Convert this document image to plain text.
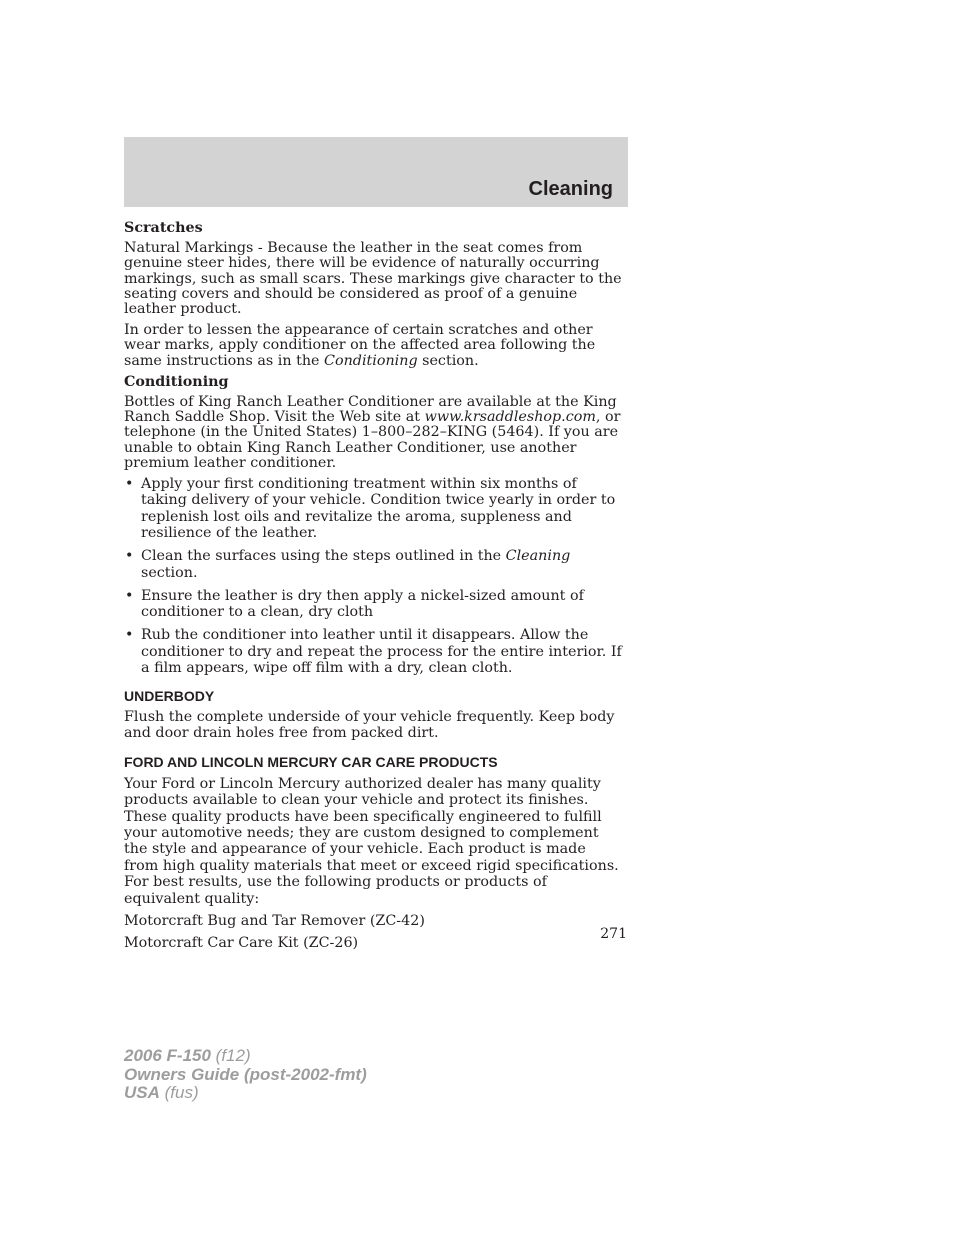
Cleaning
Scratches

Natural Markings - Because the leather in the seat comes from genuine steer hides, there will be evidence of naturally occurring markings, such as small scars. These markings give character to the seating covers and should be considered as proof of a genuine leather product.

In order to lessen the appearance of certain scratches and other wear marks, apply conditioner on the affected area following the same instructions as in the Conditioning section.

Conditioning

Bottles of King Ranch Leather Conditioner are available at the King Ranch Saddle Shop. Visit the Web site at www.krsaddleshop.com, or telephone (in the United States) 1–800–282–KING (5464). If you are unable to obtain King Ranch Leather Conditioner, use another premium leather conditioner.

• Apply your first conditioning treatment within six months of taking delivery of your vehicle. Condition twice yearly in order to replenish lost oils and revitalize the aroma, suppleness and resilience of the leather.
• Clean the surfaces using the steps outlined in the Cleaning section.
• Ensure the leather is dry then apply a nickel-sized amount of conditioner to a clean, dry cloth
• Rub the conditioner into leather until it disappears. Allow the conditioner to dry and repeat the process for the entire interior. If a film appears, wipe off film with a dry, clean cloth.
UNDERBODY

Flush the complete underside of your vehicle frequently. Keep body and door drain holes free from packed dirt.

FORD AND LINCOLN MERCURY CAR CARE PRODUCTS

Your Ford or Lincoln Mercury authorized dealer has many quality products available to clean your vehicle and protect its finishes. These quality products have been specifically engineered to fulfill your automotive needs; they are custom designed to complement the style and appearance of your vehicle. Each product is made from high quality materials that meet or exceed rigid specifications. For best results, use the following products or products of equivalent quality:

Motorcraft Bug and Tar Remover (ZC-42)
Motorcraft Car Care Kit (ZC-26)

271

2006 F-150 (f12)
Owners Guide (post-2002-fmt)
USA (fus)
